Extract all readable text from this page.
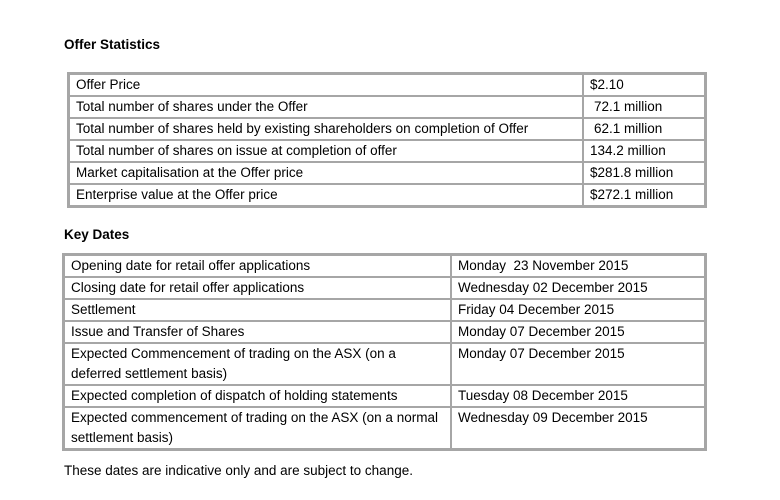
Offer Statistics
Offer Price	$2.10
Total number of shares under the Offer	72.1 million
Total number of shares held by existing shareholders on completion of Offer	62.1 million
Total number of shares on issue at completion of offer	134.2 million
Market capitalisation at the Offer price	$281.8 million
Enterprise value at the Offer price	$272.1 million
Key Dates
Opening date for retail offer applications	Monday  23 November 2015
Closing date for retail offer applications	Wednesday 02 December 2015
Settlement	Friday 04 December 2015
Issue and Transfer of Shares	Monday 07 December 2015
Expected Commencement of trading on the ASX (on a deferred settlement basis)	Monday 07 December 2015
Expected completion of dispatch of holding statements	Tuesday 08 December 2015
Expected commencement of trading on the ASX (on a normal settlement basis)	Wednesday 09 December 2015
These dates are indicative only and are subject to change.
